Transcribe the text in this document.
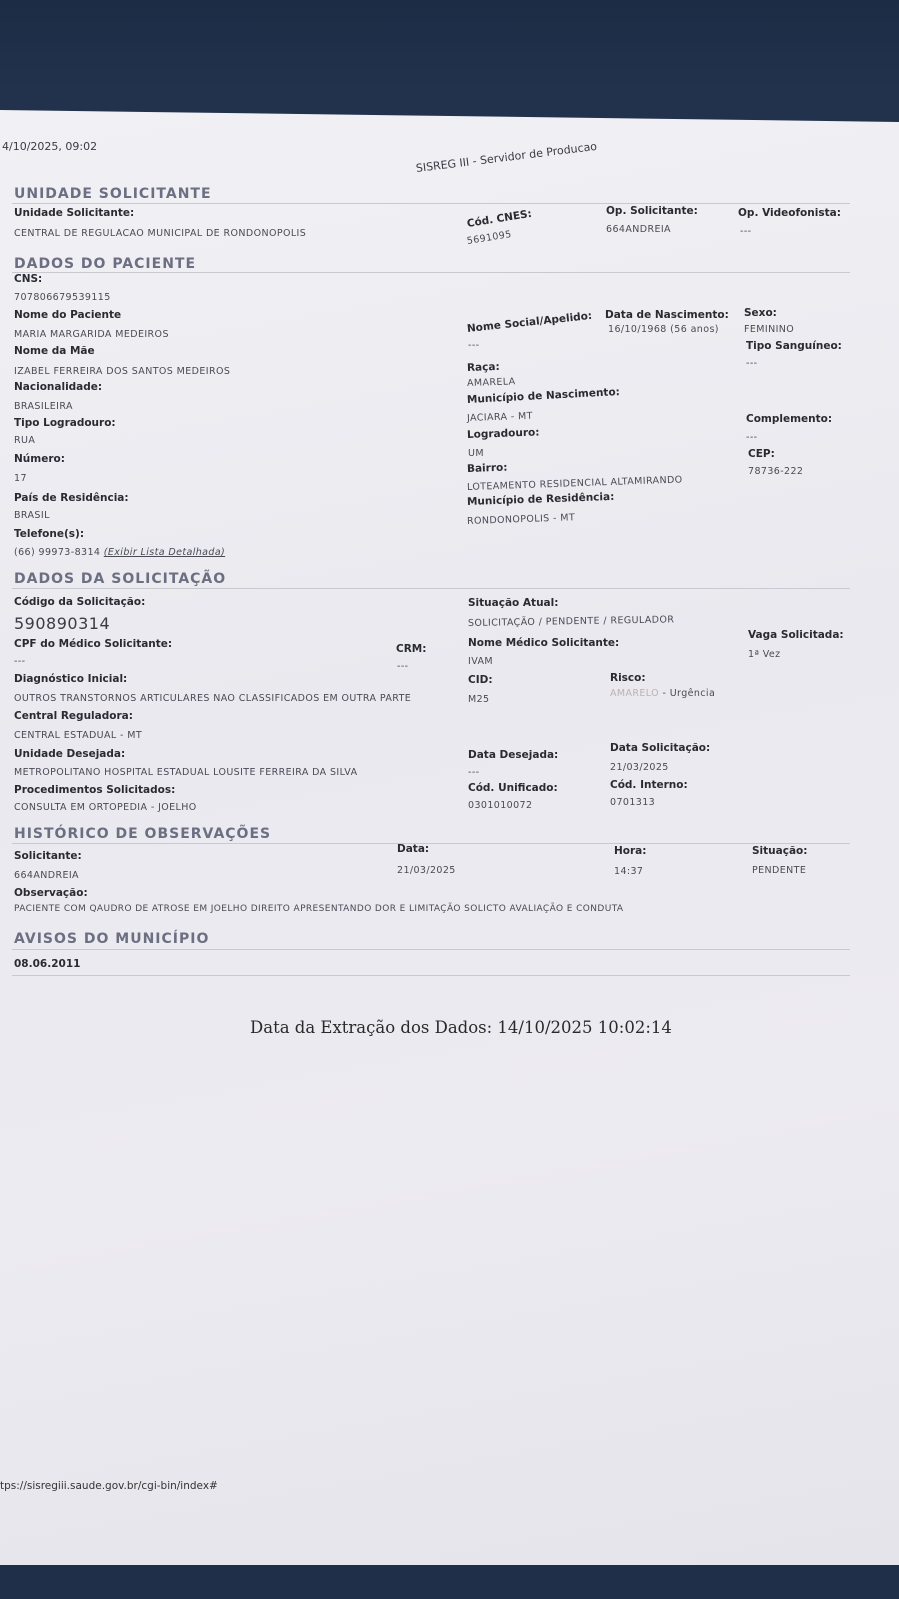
4/10/2025, 09:02	SISREG III - Servidor de Producao
UNIDADE SOLICITANTE
Unidade Solicitante:
CENTRAL DE REGULACAO MUNICIPAL DE RONDONOPOLIS
Cód. CNES:
5691095
Op. Solicitante:
664ANDREIA
Op. Videofonista:
---
DADOS DO PACIENTE
CNS:
707806679539115
Nome do Paciente
MARIA MARGARIDA MEDEIROS	Nome Social/Apelido:
---
Data de Nascimento:
16/10/1968 (56 anos)
Sexo:
FEMININO
Nome da Mãe
IZABEL FERREIRA DOS SANTOS MEDEIROS
Tipo Sanguíneo:
---
Raça:
AMARELA
Nacionalidade:
BRASILEIRA
Município de Nascimento:
JACIARA - MT
Tipo Logradouro:
RUA
Complemento:
---
Logradouro:
UM
Número:
17
CEP:
78736-222
Bairro:
LOTEAMENTO RESIDENCIAL ALTAMIRANDO
País de Residência:
BRASIL
Município de Residência:
RONDONOPOLIS - MT
Telefone(s):
(66) 99973-8314 (Exibir Lista Detalhada)
DADOS DA SOLICITAÇÃO
Código da Solicitação:
590890314
Situação Atual:
SOLICITAÇÃO / PENDENTE / REGULADOR
CPF do Médico Solicitante:
---
CRM:
---
Nome Médico Solicitante:
IVAM
Vaga Solicitada:
1ª Vez
Diagnóstico Inicial:
OUTROS TRANSTORNOS ARTICULARES NAO CLASSIFICADOS EM OUTRA PARTE
CID:
M25
Risco:
AMARELO - Urgência
Central Reguladora:
CENTRAL ESTADUAL - MT
Unidade Desejada:
METROPOLITANO HOSPITAL ESTADUAL LOUSITE FERREIRA DA SILVA
Data Desejada:
---
Data Solicitação:
21/03/2025
Procedimentos Solicitados:
CONSULTA EM ORTOPEDIA - JOELHO
Cód. Unificado:
0301010072
Cód. Interno:
0701313
HISTÓRICO DE OBSERVAÇÕES
Solicitante:
664ANDREIA
Data:
21/03/2025
Hora:
14:37
Situação:
PENDENTE
Observação:
PACIENTE COM QAUDRO DE ATROSE EM JOELHO DIREITO APRESENTANDO DOR E LIMITAÇÃO SOLICTO AVALIAÇÃO E CONDUTA
AVISOS DO MUNICÍPIO
08.06.2011
Data da Extração dos Dados: 14/10/2025 10:02:14
tps://sisregiii.saude.gov.br/cgi-bin/index#
